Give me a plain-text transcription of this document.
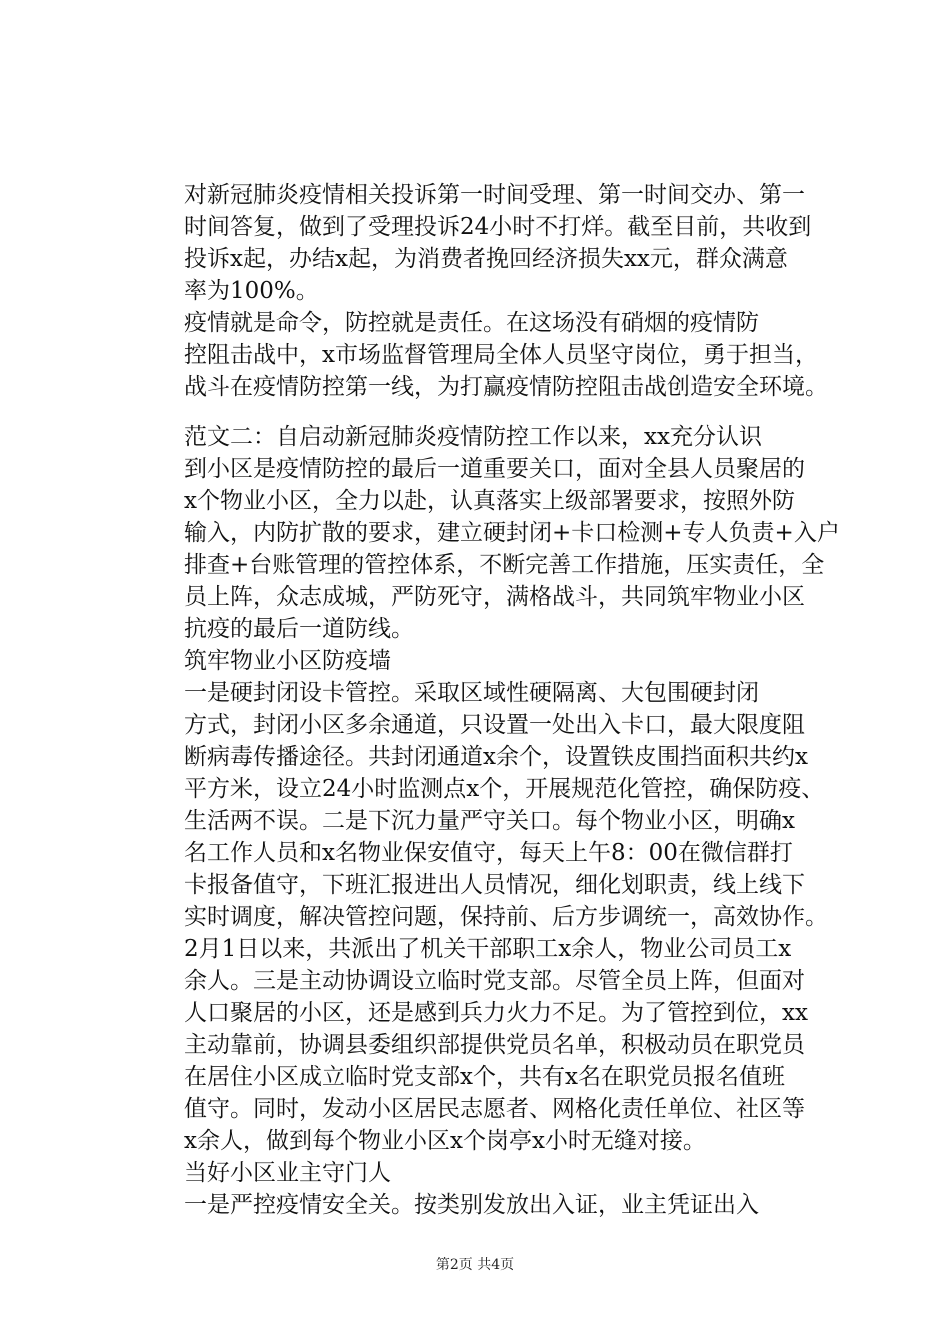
对新冠肺炎疫情相关投诉第一时间受理、第一时间交办、第一
时间答复，做到了受理投诉24小时不打烊。截至目前，共收到
投诉x起，办结x起，为消费者挽回经济损失xx元，群众满意
率为100%。
疫情就是命令，防控就是责任。在这场没有硝烟的疫情防
控阻击战中，x市场监督管理局全体人员坚守岗位，勇于担当，
战斗在疫情防控第一线，为打赢疫情防控阻击战创造安全环境。
范文二：自启动新冠肺炎疫情防控工作以来，xx充分认识
到小区是疫情防控的最后一道重要关口，面对全县人员聚居的
x个物业小区，全力以赴，认真落实上级部署要求，按照外防
输入，内防扩散的要求，建立硬封闭+卡口检测+专人负责+入户
排查+台账管理的管控体系，不断完善工作措施，压实责任，全
员上阵，众志成城，严防死守，满格战斗，共同筑牢物业小区
抗疫的最后一道防线。
筑牢物业小区防疫墙
一是硬封闭设卡管控。采取区域性硬隔离、大包围硬封闭
方式，封闭小区多余通道，只设置一处出入卡口，最大限度阻
断病毒传播途径。共封闭通道x余个，设置铁皮围挡面积共约x
平方米，设立24小时监测点x个，开展规范化管控，确保防疫、
生活两不误。二是下沉力量严守关口。每个物业小区，明确x
名工作人员和x名物业保安值守，每天上午8：00在微信群打
卡报备值守，下班汇报进出人员情况，细化划职责，线上线下
实时调度，解决管控问题，保持前、后方步调统一，高效协作。
2月1日以来，共派出了机关干部职工x余人，物业公司员工x
余人。三是主动协调设立临时党支部。尽管全员上阵，但面对
人口聚居的小区，还是感到兵力火力不足。为了管控到位，xx
主动靠前，协调县委组织部提供党员名单，积极动员在职党员
在居住小区成立临时党支部x个，共有x名在职党员报名值班
值守。同时，发动小区居民志愿者、网格化责任单位、社区等
x余人，做到每个物业小区x个岗亭x小时无缝对接。
当好小区业主守门人
一是严控疫情安全关。按类别发放出入证，业主凭证出入
第2页 共4页
